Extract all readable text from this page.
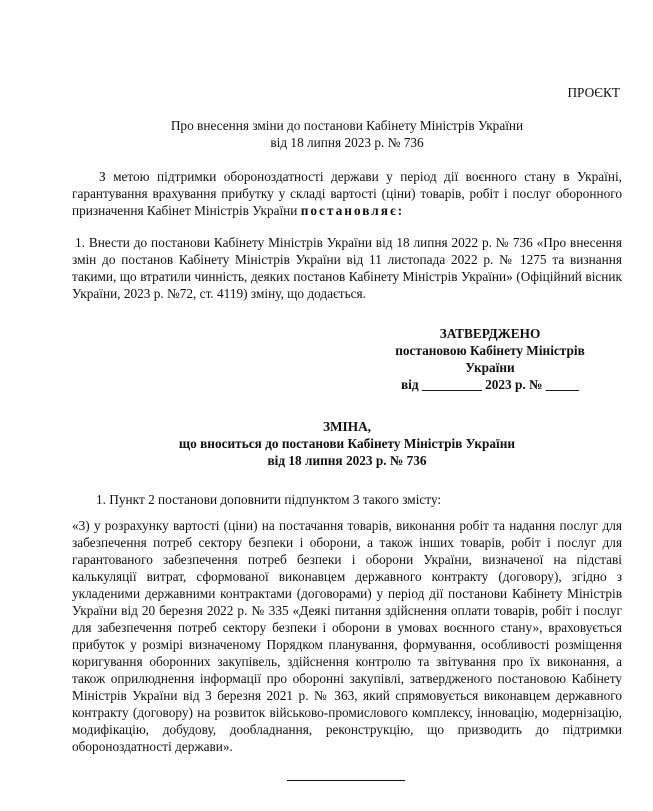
ПРОЄКТ
Про внесення зміни до постанови Кабінету Міністрів України
від 18 липня 2023 р. № 736
З метою підтримки обороноздатності держави у період дії воєнного стану в Україні, гарантування врахування прибутку у складі вартості (ціни) товарів, робіт і послуг оборонного призначення Кабінет Міністрів України постановляє:
1. Внести до постанови Кабінету Міністрів України від 18 липня 2022 р. № 736 «Про внесення змін до постанов Кабінету Міністрів України від 11 листопада 2022 р. № 1275 та визнання такими, що втратили чинність, деяких постанов Кабінету Міністрів України» (Офіційний вісник України, 2023 р. №72, ст. 4119) зміну, що додається.
ЗАТВЕРДЖЕНО
постановою Кабінету Міністрів
України
від _________ 2023 р. № _____
ЗМІНА,
що вноситься до постанови Кабінету Міністрів України
від 18 липня 2023 р. № 736
1. Пункт 2 постанови доповнити підпунктом 3 такого змісту:
«3) у розрахунку вартості (ціни) на постачання товарів, виконання робіт та надання послуг для забезпечення потреб сектору безпеки і оборони, а також інших товарів, робіт і послуг для гарантованого забезпечення потреб безпеки і оборони України, визначеної на підставі калькуляції витрат, сформованої виконавцем державного контракту (договору), згідно з укладеними державними контрактами (договорами) у період дії постанови Кабінету Міністрів України від 20 березня 2022 р. № 335 «Деякі питання здійснення оплати товарів, робіт і послуг для забезпечення потреб сектору безпеки і оборони в умовах воєнного стану», враховується прибуток у розмірі визначеному Порядком планування, формування, особливості розміщення коригування оборонних закупівель, здійснення контролю та звітування про їх виконання, а також оприлюднення інформації про оборонні закупівлі, затвердженого постановою Кабінету Міністрів України від 3 березня 2021 р. № 363, який спрямовується виконавцем державного контракту (договору) на розвиток військово-промислового комплексу, інновацію, модернізацію, модифікацію, добудову, дообладнання, реконструкцію, що призводить до підтримки обороноздатності держави».
